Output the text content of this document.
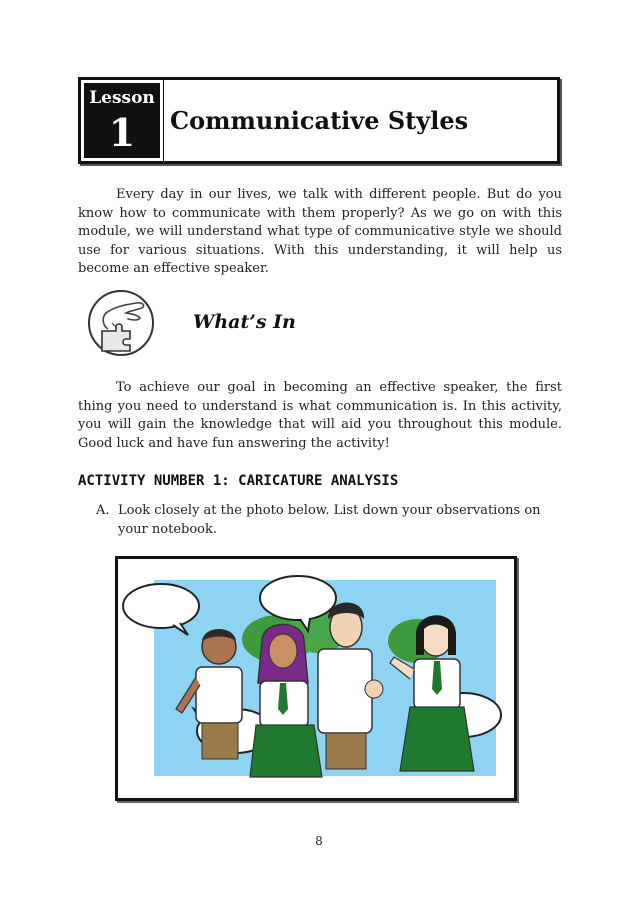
Lesson
1	Communicative Styles

Every day in our lives, we talk with different people. But do you know how to communicate with them properly? As we go on with this module, we will understand what type of communicative style we should use for various situations. With this understanding, it will help us become an effective speaker.

What’s In

To achieve our goal in becoming an effective speaker, the first thing you need to understand is what communication is. In this activity, you will gain the knowledge that will aid you throughout this module. Good luck and have fun answering the activity!

ACTIVITY NUMBER 1: CARICATURE ANALYSIS
A. Look closely at the photo below. List down your observations on your notebook.
8
